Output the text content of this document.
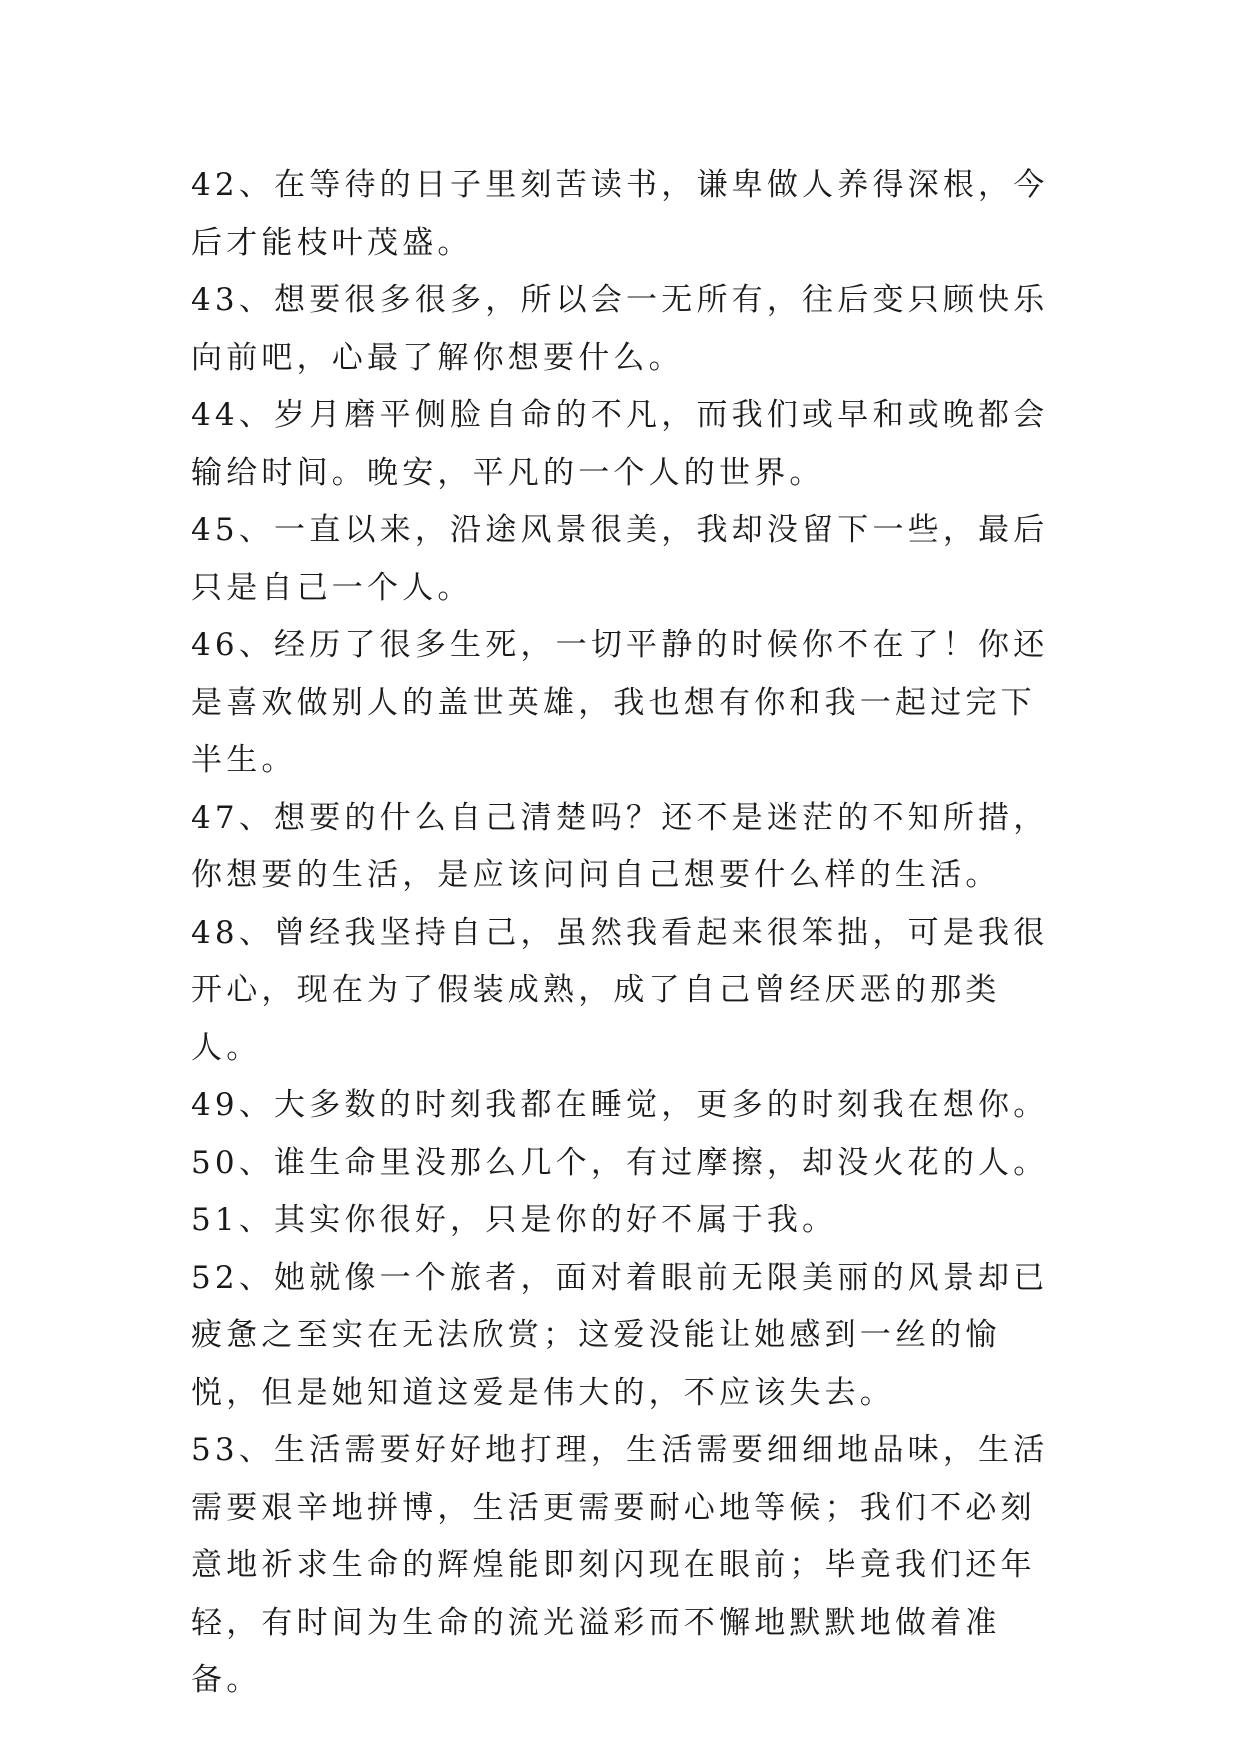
42、在等待的日子里刻苦读书，谦卑做人养得深根，今后才能枝叶茂盛。

43、想要很多很多，所以会一无所有，往后变只顾快乐向前吧，心最了解你想要什么。

44、岁月磨平侧脸自命的不凡，而我们或早和或晚都会输给时间。晚安，平凡的一个人的世界。

45、一直以来，沿途风景很美，我却没留下一些，最后只是自己一个人。

46、经历了很多生死，一切平静的时候你不在了！你还是喜欢做别人的盖世英雄，我也想有你和我一起过完下半生。

47、想要的什么自己清楚吗？还不是迷茫的不知所措，你想要的生活，是应该问问自己想要什么样的生活。

48、曾经我坚持自己，虽然我看起来很笨拙，可是我很开心，现在为了假装成熟，成了自己曾经厌恶的那类人。

49、大多数的时刻我都在睡觉，更多的时刻我在想你。

50、谁生命里没那么几个，有过摩擦，却没火花的人。

51、其实你很好，只是你的好不属于我。

52、她就像一个旅者，面对着眼前无限美丽的风景却已疲惫之至实在无法欣赏；这爱没能让她感到一丝的愉悦，但是她知道这爱是伟大的，不应该失去。

53、生活需要好好地打理，生活需要细细地品味，生活需要艰辛地拼博，生活更需要耐心地等候；我们不必刻意地祈求生命的辉煌能即刻闪现在眼前；毕竟我们还年轻，有时间为生命的流光溢彩而不懈地默默地做着准备。
